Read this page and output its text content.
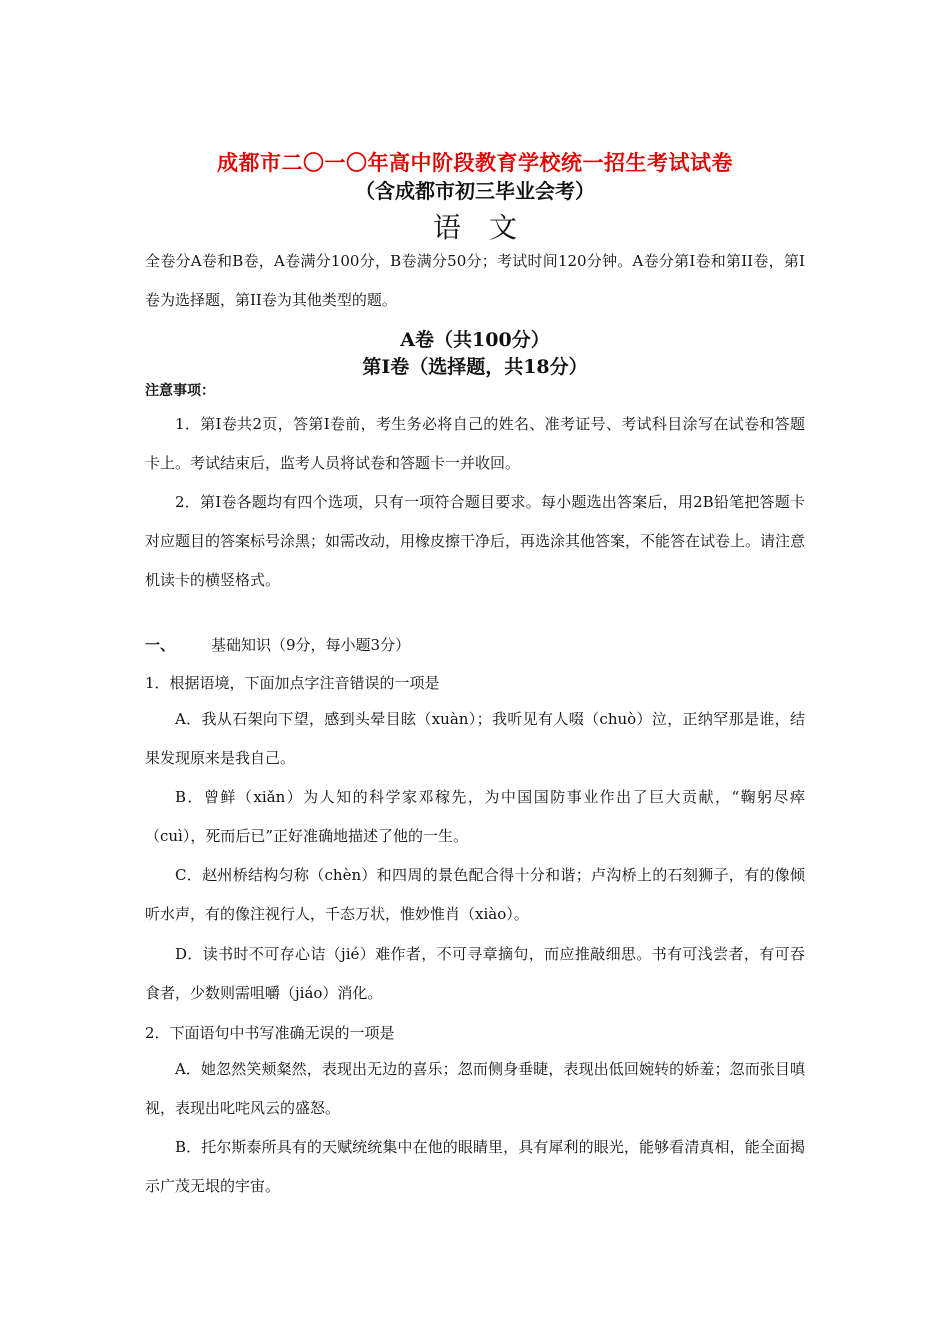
成都市二〇一〇年高中阶段教育学校统一招生考试试卷
（含成都市初三毕业会考）
语文

全卷分A卷和B卷，A卷满分100分，B卷满分50分；考试时间120分钟。A卷分第I卷和第II卷，第I卷为选择题，第II卷为其他类型的题。

A卷（共100分）
第I卷（选择题，共18分）
注意事项：

1．第I卷共2页，答第I卷前，考生务必将自己的姓名、准考证号、考试科目涂写在试卷和答题卡上。考试结束后，监考人员将试卷和答题卡一并收回。

2．第I卷各题均有四个选项，只有一项符合题目要求。每小题选出答案后，用2B铅笔把答题卡对应题目的答案标号涂黑；如需改动，用橡皮擦干净后，再选涂其他答案，不能答在试卷上。请注意机读卡的横竖格式。

一、 基础知识（9分，每小题3分）

1．根据语境，下面加点字注音错误的一项是

A．我从石架向下望，感到头晕目眩（xuàn）；我听见有人啜（chuò）泣，正纳罕那是谁，结果发现原来是我自己。

B．曾鲜（xiǎn）为人知的科学家邓稼先，为中国国防事业作出了巨大贡献，“鞠躬尽瘁（cuì），死而后已”正好准确地描述了他的一生。

C．赵州桥结构匀称（chèn）和四周的景色配合得十分和谐；卢沟桥上的石刻狮子，有的像倾听水声，有的像注视行人，千态万状，惟妙惟肖（xiào）。

D．读书时不可存心诘（jié）难作者，不可寻章摘句，而应推敲细思。书有可浅尝者，有可吞食者，少数则需咀嚼（jiáo）消化。

2．下面语句中书写准确无误的一项是

A．她忽然笑颊粲然，表现出无边的喜乐；忽而侧身垂睫，表现出低回婉转的娇羞；忽而张目嗔视，表现出叱咤风云的盛怒。

B．托尔斯泰所具有的天赋统统集中在他的眼睛里，具有犀利的眼光，能够看清真相，能全面揭示广茂无垠的宇宙。
